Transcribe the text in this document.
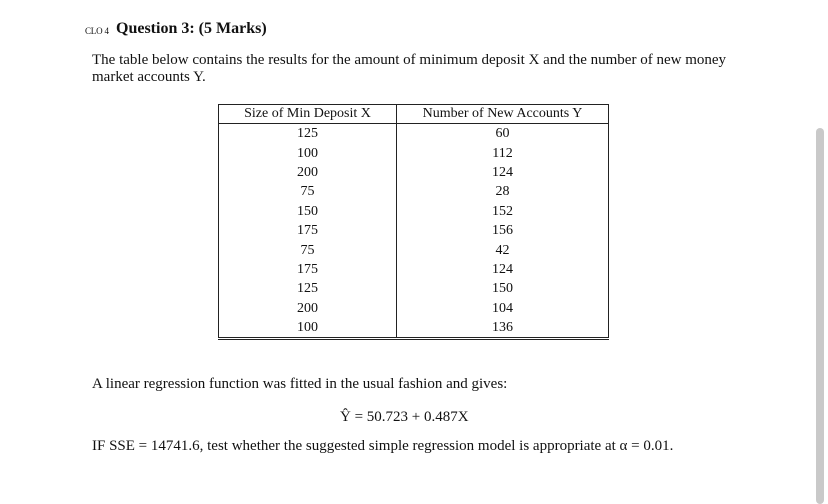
CLO 4 Question 3: (5 Marks)
The table below contains the results for the amount of minimum deposit X and the number of new money market accounts Y.
Size of Min Deposit X	Number of New Accounts Y
125	60
100	112
200	124
75	28
150	152
175	156
75	42
175	124
125	150
200	104
100	136
A linear regression function was fitted in the usual fashion and gives:
Ŷ = 50.723 + 0.487X
IF SSE = 14741.6, test whether the suggested simple regression model is appropriate at α = 0.01.
